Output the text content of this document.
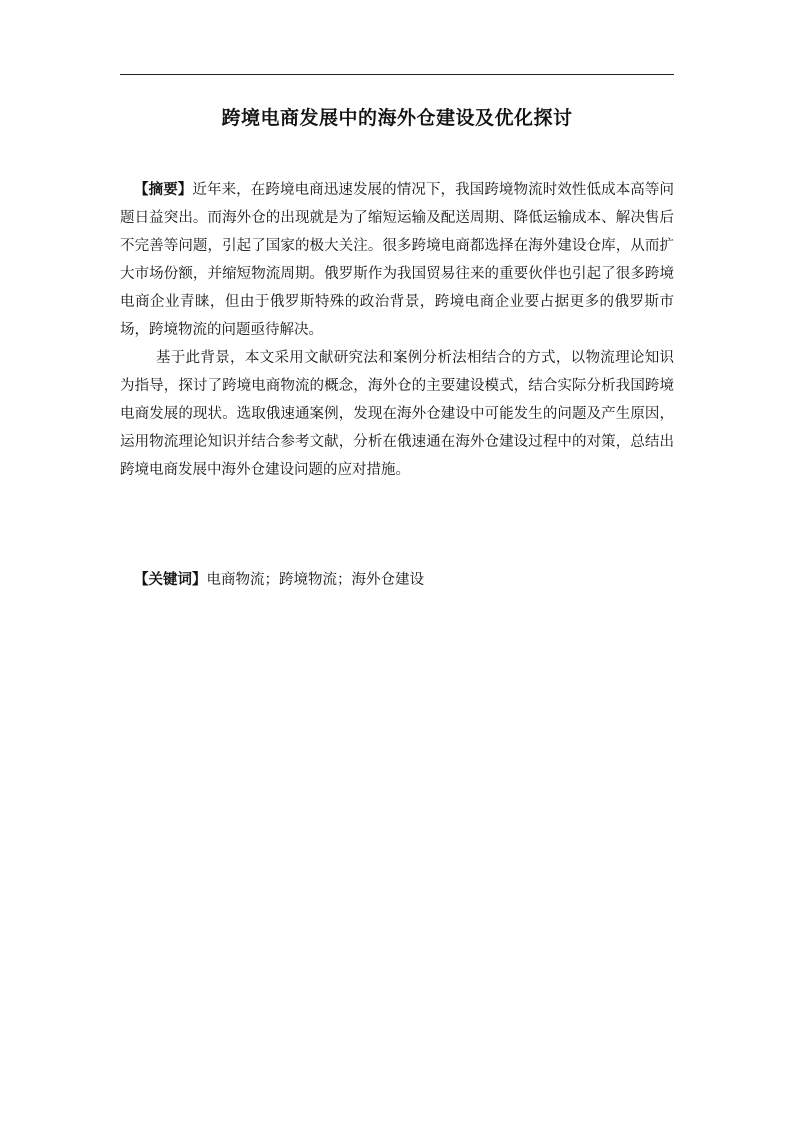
跨境电商发展中的海外仓建设及优化探讨

【摘要】近年来，在跨境电商迅速发展的情况下，我国跨境物流时效性低成本高等问题日益突出。而海外仓的出现就是为了缩短运输及配送周期、降低运输成本、解决售后不完善等问题，引起了国家的极大关注。很多跨境电商都选择在海外建设仓库，从而扩大市场份额，并缩短物流周期。俄罗斯作为我国贸易往来的重要伙伴也引起了很多跨境电商企业青睐，但由于俄罗斯特殊的政治背景，跨境电商企业要占据更多的俄罗斯市场，跨境物流的问题亟待解决。

基于此背景，本文采用文献研究法和案例分析法相结合的方式，以物流理论知识为指导，探讨了跨境电商物流的概念，海外仓的主要建设模式，结合实际分析我国跨境电商发展的现状。选取俄速通案例，发现在海外仓建设中可能发生的问题及产生原因，运用物流理论知识并结合参考文献，分析在俄速通在海外仓建设过程中的对策，总结出跨境电商发展中海外仓建设问题的应对措施。

【关键词】电商物流；跨境物流；海外仓建设
